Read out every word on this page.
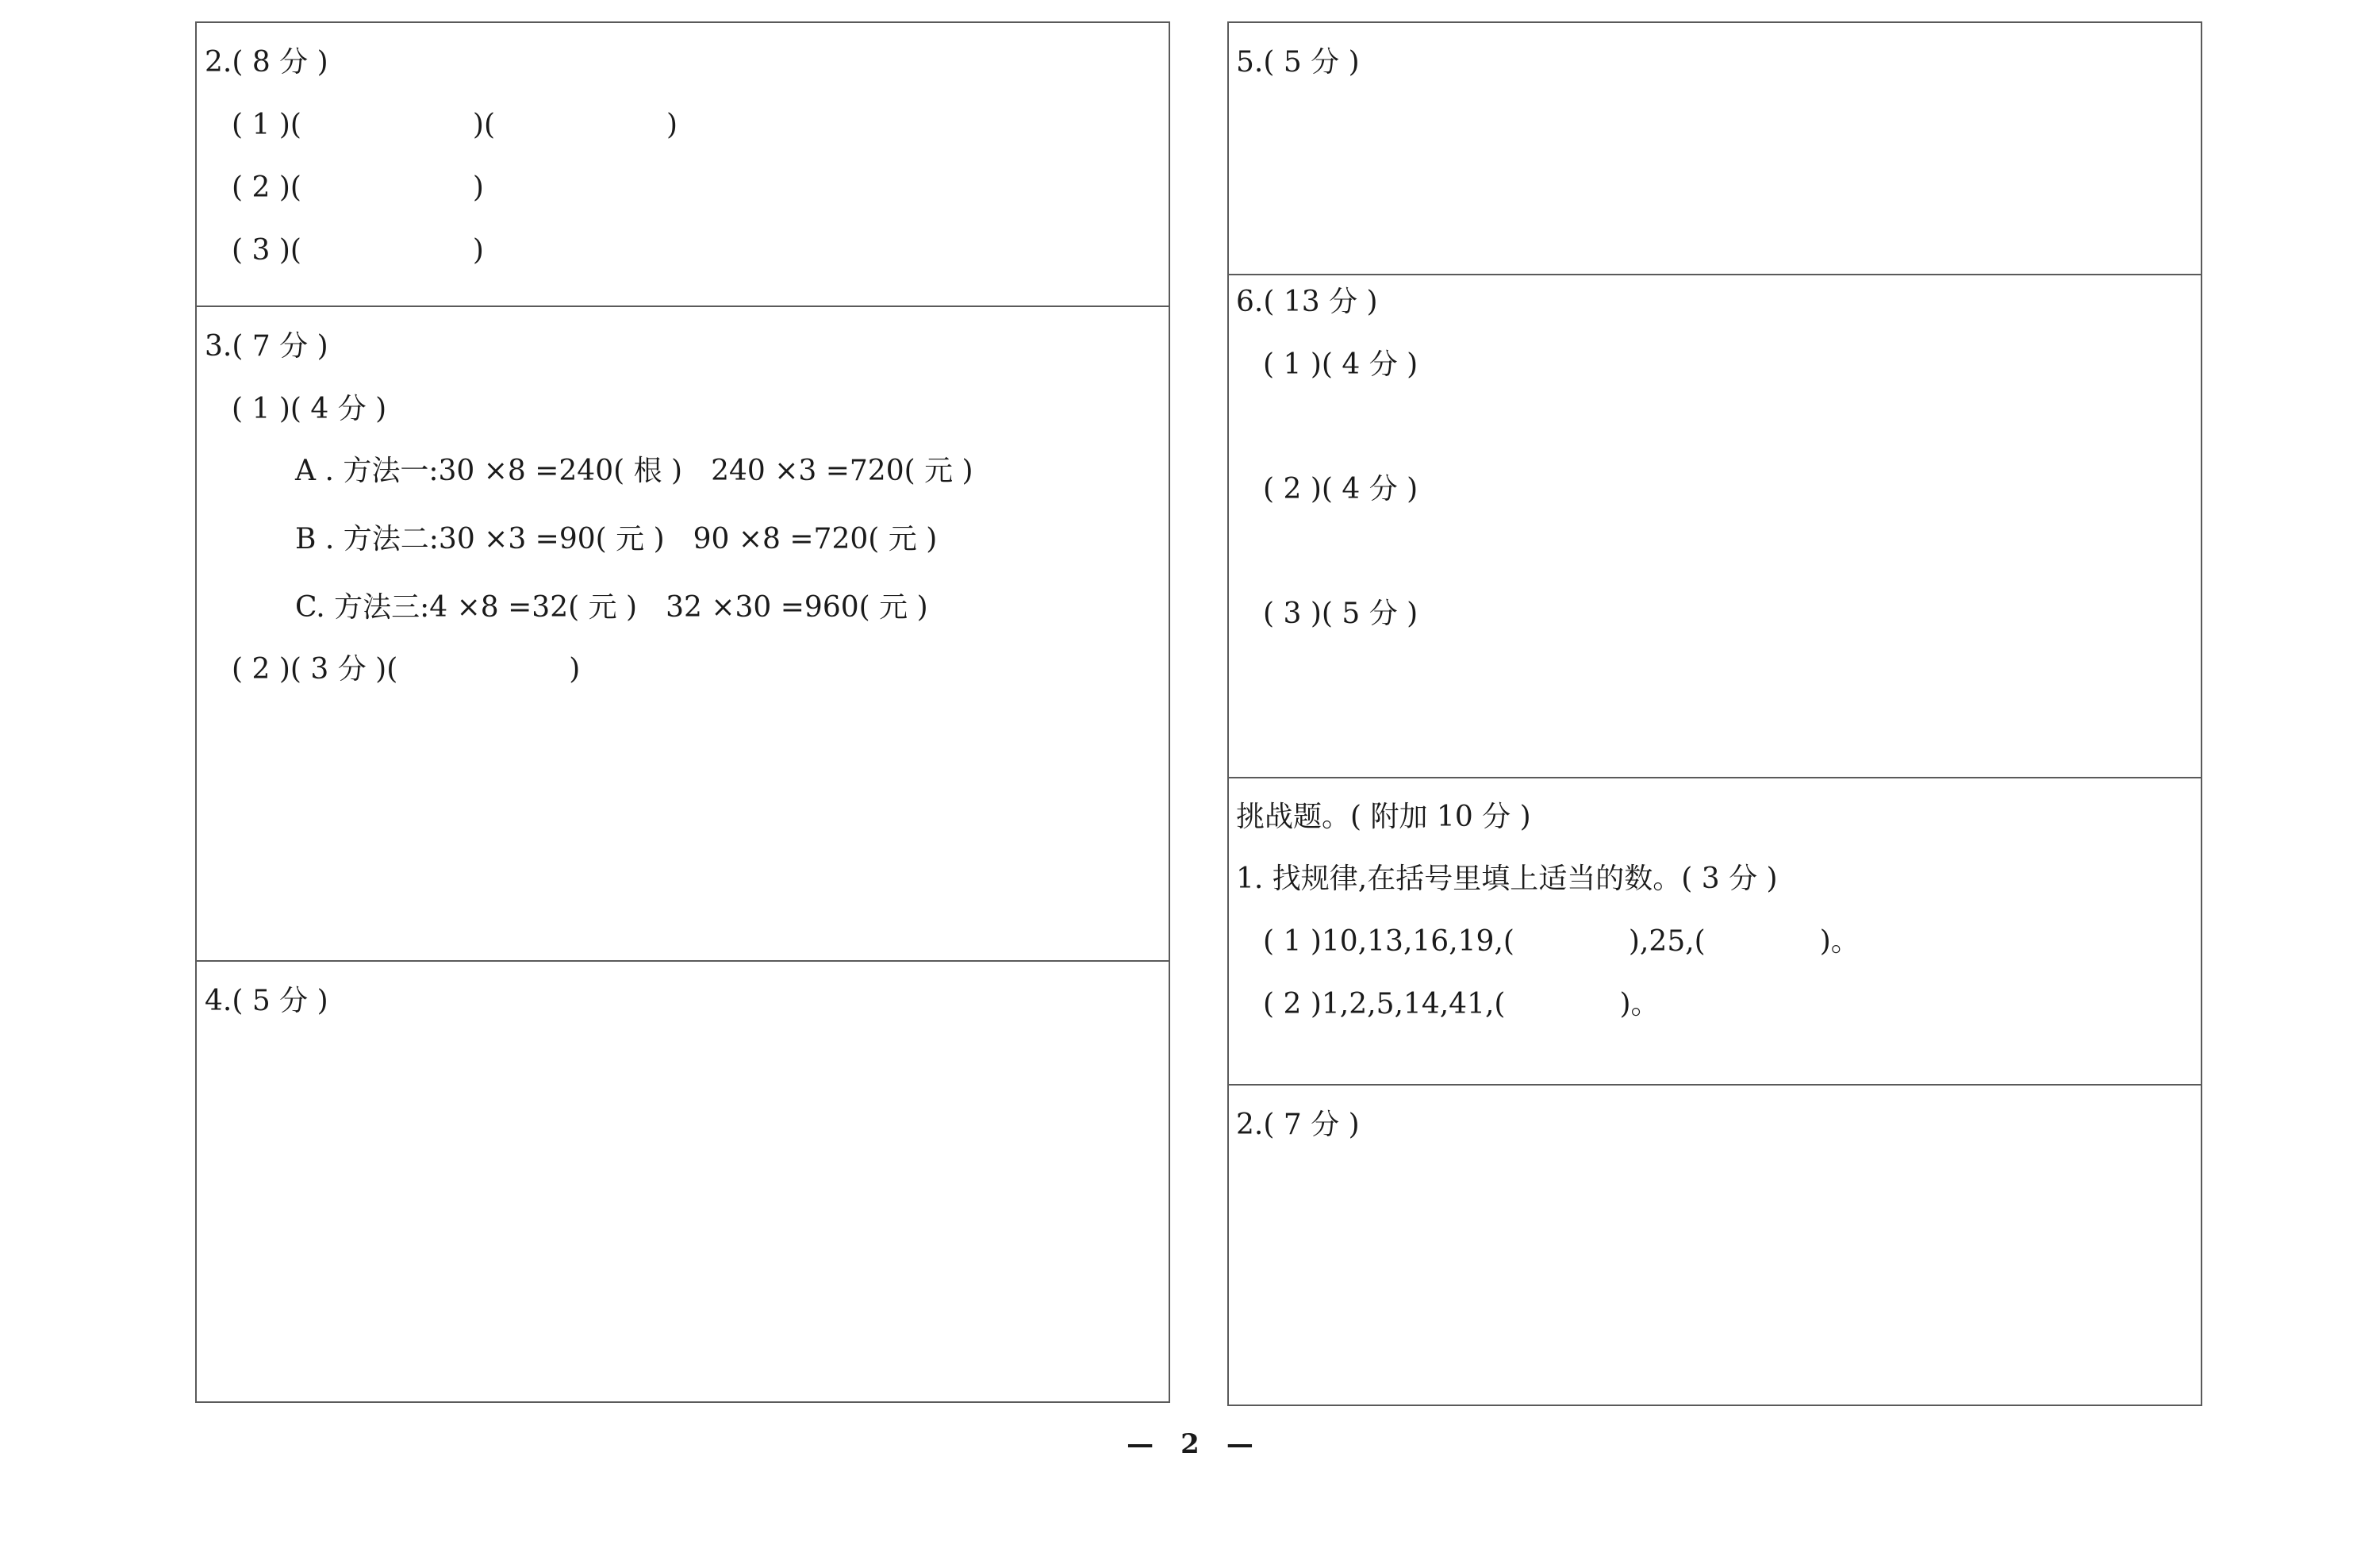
2.( 8 分 )
( 1 )(　　　　　　)(　　　　　　)
( 2 )(　　　　　　)
( 3 )(　　　　　　)
3.( 7 分 )
( 1 )( 4 分 )
A . 方法一:30 ×8 =240( 根 )　240 ×3 =720( 元 )
B . 方法二:30 ×3 =90( 元 )　90 ×8 =720( 元 )
C. 方法三:4 ×8 =32( 元 )　32 ×30 =960( 元 )
( 2 )( 3 分 )(　　　　　　)
4.( 5 分 )
5.( 5 分 )
6.( 13 分 )
( 1 )( 4 分 )
( 2 )( 4 分 )
( 3 )( 5 分 )
挑战题。( 附加 10 分 )
1. 找规律,在括号里填上适当的数。( 3 分 )
( 1 )10,13,16,19,(　　　　),25,(　　　　)。
( 2 )1,2,5,14,41,(　　　　)。
2.( 7 分 )
—　2　—
